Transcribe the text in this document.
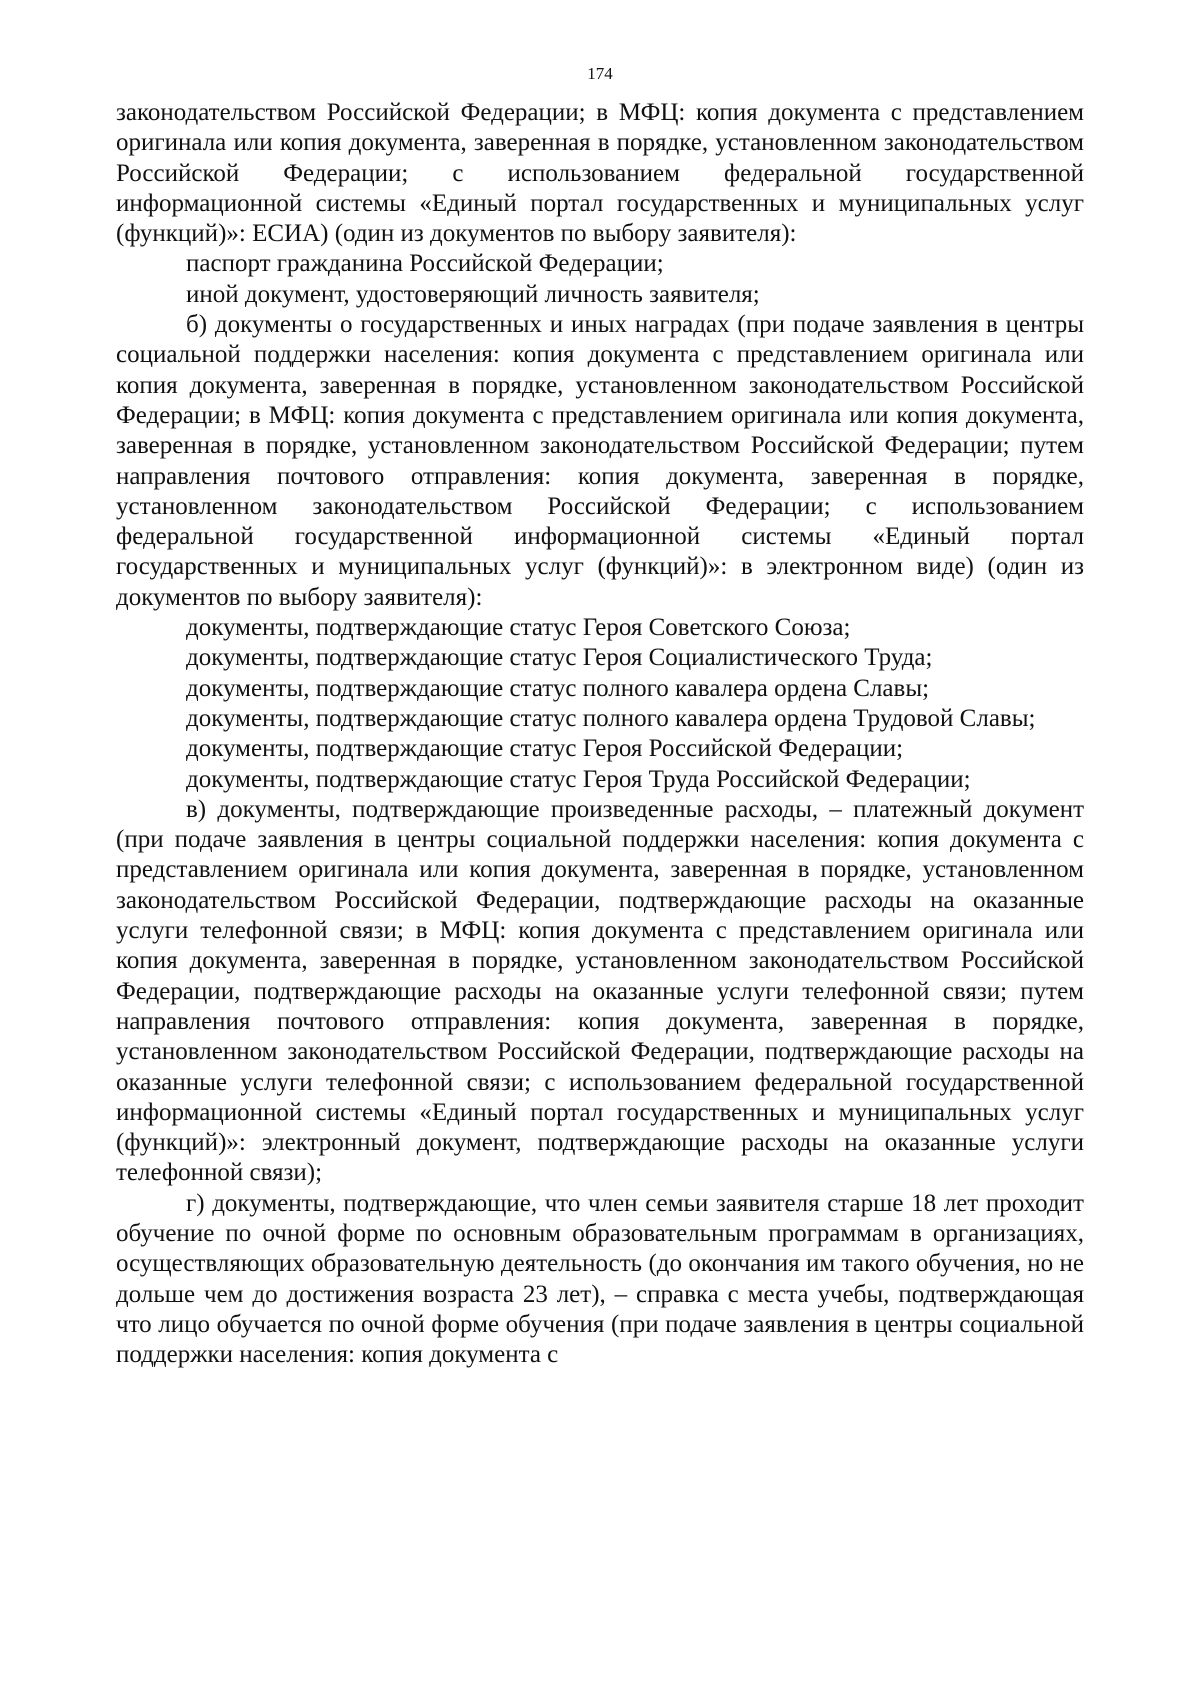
174

законодательством Российской Федерации; в МФЦ: копия документа с представлением оригинала или копия документа, заверенная в порядке, установленном законодательством Российской Федерации; с использованием федеральной государственной информационной системы «Единый портал государственных и муниципальных услуг (функций)»: ЕСИА) (один из документов по выбору заявителя):

паспорт гражданина Российской Федерации;

иной документ, удостоверяющий личность заявителя;

б) документы о государственных и иных наградах (при подаче заявления в центры социальной поддержки населения: копия документа с представлением оригинала или копия документа, заверенная в порядке, установленном законодательством Российской Федерации; в МФЦ: копия документа с представлением оригинала или копия документа, заверенная в порядке, установленном законодательством Российской Федерации; путем направления почтового отправления: копия документа, заверенная в порядке, установленном законодательством Российской Федерации; с использованием федеральной государственной информационной системы «Единый портал государственных и муниципальных услуг (функций)»: в электронном виде) (один из документов по выбору заявителя):

документы, подтверждающие статус Героя Советского Союза;

документы, подтверждающие статус Героя Социалистического Труда;

документы, подтверждающие статус полного кавалера ордена Славы;

документы, подтверждающие статус полного кавалера ордена Трудовой Славы;

документы, подтверждающие статус Героя Российской Федерации;

документы, подтверждающие статус Героя Труда Российской Федерации;

в) документы, подтверждающие произведенные расходы, – платежный документ (при подаче заявления в центры социальной поддержки населения: копия документа с представлением оригинала или копия документа, заверенная в порядке, установленном законодательством Российской Федерации, подтверждающие расходы на оказанные услуги телефонной связи; в МФЦ: копия документа с представлением оригинала или копия документа, заверенная в порядке, установленном законодательством Российской Федерации, подтверждающие расходы на оказанные услуги телефонной связи; путем направления почтового отправления: копия документа, заверенная в порядке, установленном законодательством Российской Федерации, подтверждающие расходы на оказанные услуги телефонной связи; с использованием федеральной государственной информационной системы «Единый портал государственных и муниципальных услуг (функций)»: электронный документ, подтверждающие расходы на оказанные услуги телефонной связи);

г) документы, подтверждающие, что член семьи заявителя старше 18 лет проходит обучение по очной форме по основным образовательным программам в организациях, осуществляющих образовательную деятельность (до окончания им такого обучения, но не дольше чем до достижения возраста 23 лет), – справка с места учебы, подтверждающая что лицо обучается по очной форме обучения (при подаче заявления в центры социальной поддержки населения: копия документа с
